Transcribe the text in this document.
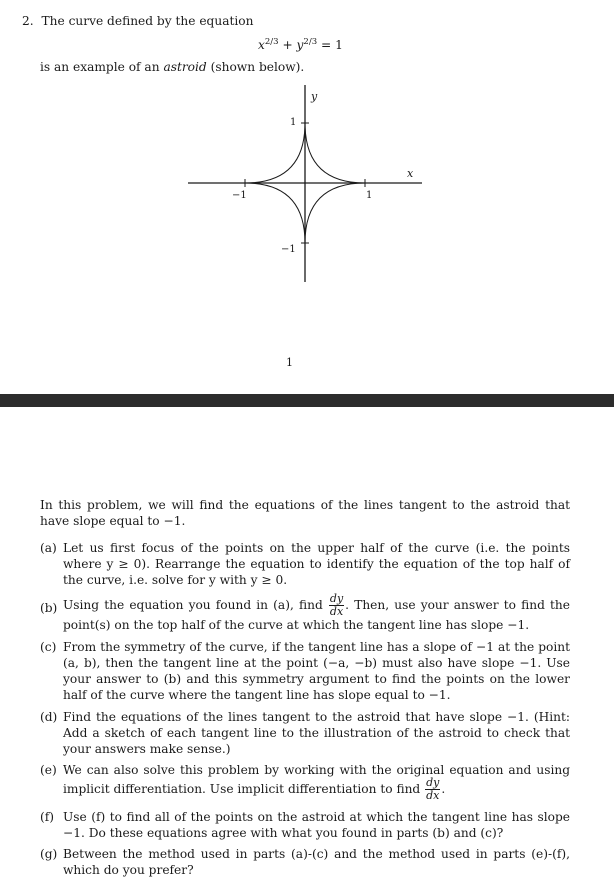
2. The curve defined by the equation
$x^{2/3} + y^{2/3} = 1$
is an example of an astroid (shown below).
y
x
1
−1	1
−1
1
In this problem, we will find the equations of the lines tangent to the astroid that have slope equal to −1.
(a) Let us first focus of the points on the upper half of the curve (i.e. the points where y ≥ 0). Rearrange the equation to identify the equation of the top half of the curve, i.e. solve for y with y ≥ 0.
(b) Using the equation you found in (a), find $\frac{dy}{dx}$ . Then, use your answer to find the point(s) on the top half of the curve at which the tangent line has slope −1.
(c) From the symmetry of the curve, if the tangent line has a slope of −1 at the point (a, b), then the tangent line at the point (−a, −b) must also have slope −1. Use your answer to (b) and this symmetry argument to find the points on the lower half of the curve where the tangent line has slope equal to −1.
(d) Find the equations of the lines tangent to the astroid that have slope −1. (Hint: Add a sketch of each tangent line to the illustration of the astroid to check that your answers make sense.)
(e) We can also solve this problem by working with the original equation and using implicit differentiation. Use implicit differentiation to find $\frac{dy}{dx}$ .
(f) Use (f) to find all of the points on the astroid at which the tangent line has slope −1. Do these equations agree with what you found in parts (b) and (c)?
(g) Between the method used in parts (a)-(c) and the method used in parts (e)-(f), which do you prefer?
